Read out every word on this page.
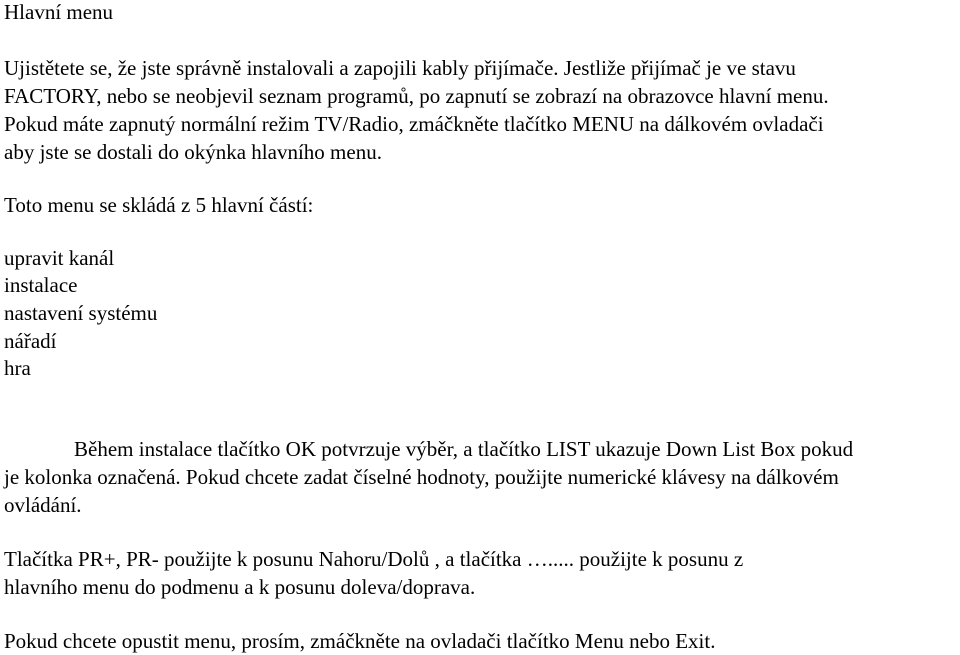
Hlavní menu
Ujistětete se, že jste správně instalovali a zapojili kably přijímače. Jestliže přijímač je ve stavu
FACTORY, nebo se neobjevil seznam programů, po zapnutí se zobrazí na obrazovce hlavní menu.
Pokud máte zapnutý normální režim TV/Radio, zmáčkněte tlačítko MENU na dálkovém ovladači
aby jste se dostali do okýnka hlavního menu.
Toto menu se skládá z 5 hlavní částí:
upravit kanál
instalace
nastavení systému
nářadí
hra
Během instalace tlačítko OK potvrzuje výběr, a tlačítko LIST ukazuje Down List Box pokud
je kolonka označená. Pokud chcete zadat číselné hodnoty, použijte numerické klávesy na dálkovém
ovládání.
Tlačítka PR+, PR- použijte k posunu Nahoru/Dolů , a tlačítka …..... použijte k posunu z
hlavního menu do podmenu a k posunu doleva/doprava.
Pokud chcete opustit menu, prosím, zmáčkněte na ovladači tlačítko Menu nebo Exit.
